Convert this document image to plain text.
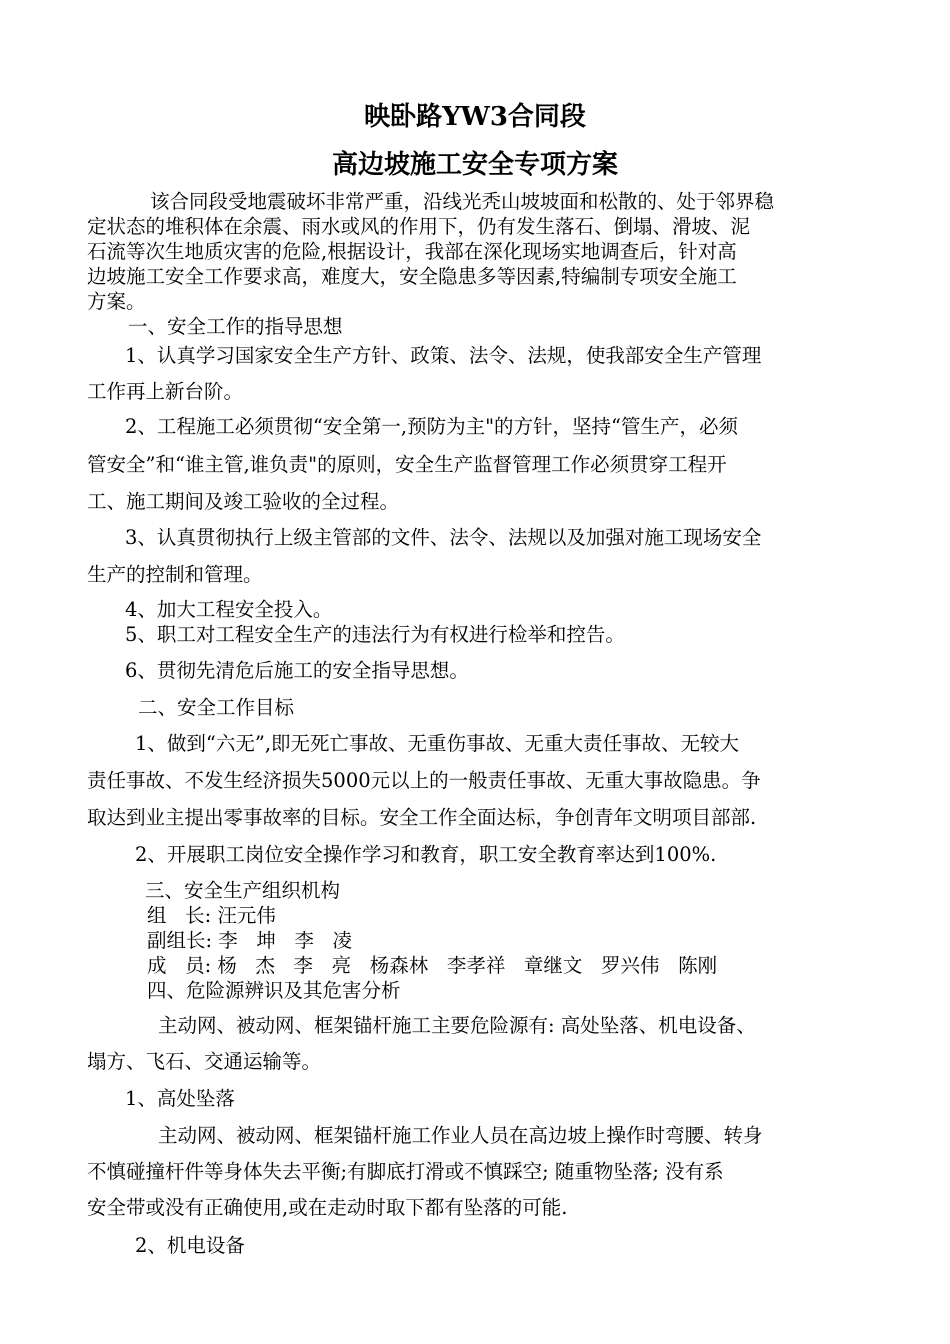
映卧路YW3合同段
高边坡施工安全专项方案
该合同段受地震破坏非常严重，沿线光秃山坡坡面和松散的、处于邻界稳
定状态的堆积体在余震、雨水或风的作用下，仍有发生落石、倒塌、滑坡、泥
石流等次生地质灾害的危险,根据设计，我部在深化现场实地调查后，针对高
边坡施工安全工作要求高，难度大，安全隐患多等因素,特编制专项安全施工
方案。
一、安全工作的指导思想
1、认真学习国家安全生产方针、政策、法令、法规，使我部安全生产管理
工作再上新台阶。
2、工程施工必须贯彻“安全第一,预防为主"的方针，坚持“管生产，必须
管安全”和“谁主管,谁负责"的原则，安全生产监督管理工作必须贯穿工程开
工、施工期间及竣工验收的全过程。
3、认真贯彻执行上级主管部的文件、法令、法规以及加强对施工现场安全
生产的控制和管理。
4、加大工程安全投入。
5、职工对工程安全生产的违法行为有权进行检举和控告。
6、贯彻先清危后施工的安全指导思想。
二、安全工作目标
1、做到“六无”,即无死亡事故、无重伤事故、无重大责任事故、无较大
责任事故、不发生经济损失5000元以上的一般责任事故、无重大事故隐患。争
取达到业主提出零事故率的目标。安全工作全面达标，争创青年文明项目部部.
2、开展职工岗位安全操作学习和教育，职工安全教育率达到100%.
三、安全生产组织机构
组   长: 汪元伟
副组长: 李   坤   李   凌
成   员: 杨   杰   李   亮   杨森林   李孝祥   章继文   罗兴伟   陈刚
四、危险源辨识及其危害分析
主动网、被动网、框架锚杆施工主要危险源有: 高处坠落、机电设备、
塌方、飞石、交通运输等。
1、高处坠落
主动网、被动网、框架锚杆施工作业人员在高边坡上操作时弯腰、转身
不慎碰撞杆件等身体失去平衡;有脚底打滑或不慎踩空; 随重物坠落; 没有系
安全带或没有正确使用,或在走动时取下都有坠落的可能.
2、机电设备
